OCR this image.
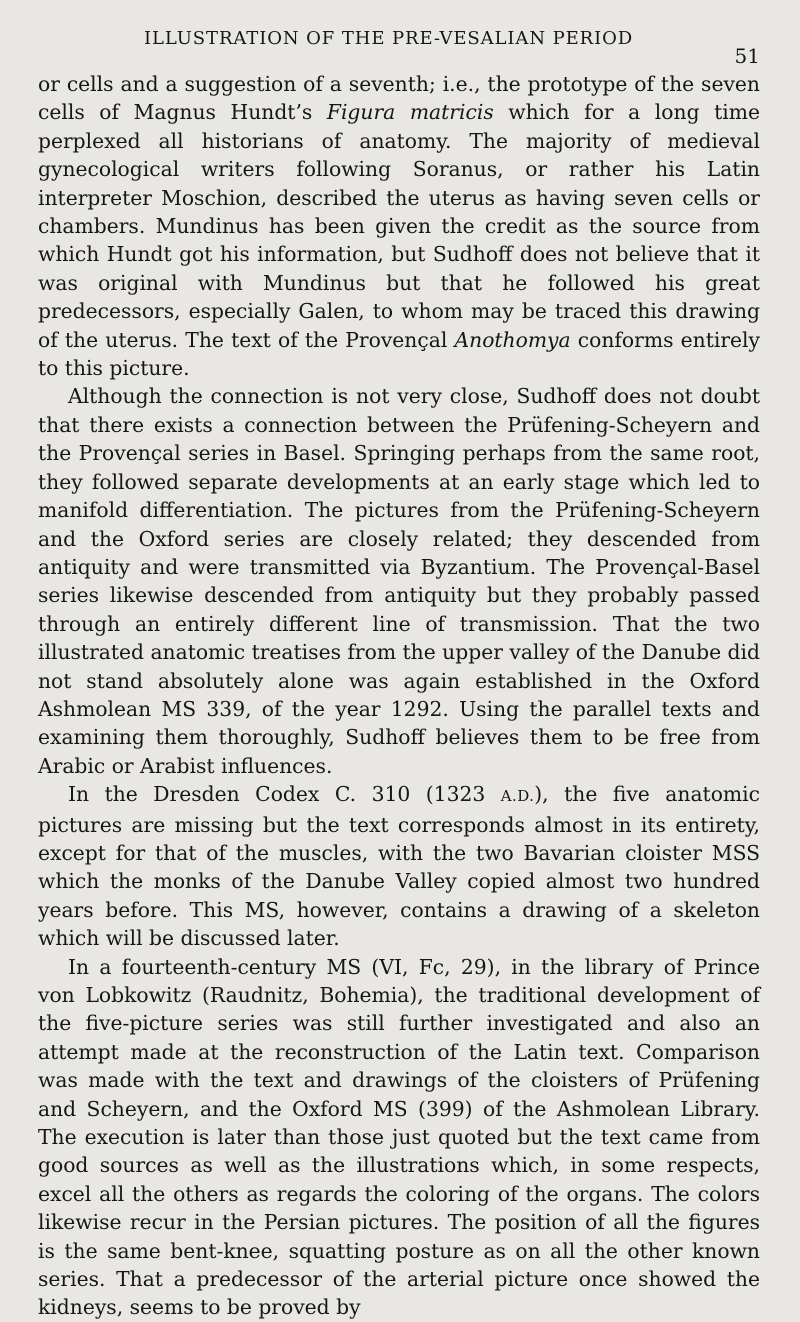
ILLUSTRATION OF THE PRE-VESALIAN PERIOD
51

or cells and a suggestion of a seventh; i.e., the prototype of the seven cells of Magnus Hundt’s Figura matricis which for a long time perplexed all historians of anatomy. The majority of medieval gynecological writers following Soranus, or rather his Latin interpreter Moschion, described the uterus as having seven cells or chambers. Mundinus has been given the credit as the source from which Hundt got his information, but Sudhoff does not believe that it was original with Mundinus but that he followed his great predecessors, especially Galen, to whom may be traced this drawing of the uterus. The text of the Provençal Anothomya conforms entirely to this picture.

Although the connection is not very close, Sudhoff does not doubt that there exists a connection between the Prüfening-Scheyern and the Provençal series in Basel. Springing perhaps from the same root, they followed separate developments at an early stage which led to manifold differentiation. The pictures from the Prüfening-Scheyern and the Oxford series are closely related; they descended from antiquity and were transmitted via Byzantium. The Provençal-Basel series likewise descended from antiquity but they probably passed through an entirely different line of transmission. That the two illustrated anatomic treatises from the upper valley of the Danube did not stand absolutely alone was again established in the Oxford Ashmolean MS 339, of the year 1292. Using the parallel texts and examining them thoroughly, Sudhoff believes them to be free from Arabic or Arabist influences.

In the Dresden Codex C. 310 (1323 A.D.), the five anatomic pictures are missing but the text corresponds almost in its entirety, except for that of the muscles, with the two Bavarian cloister MSS which the monks of the Danube Valley copied almost two hundred years before. This MS, however, contains a drawing of a skeleton which will be discussed later.

In a fourteenth-century MS (VI, Fc, 29), in the library of Prince von Lobkowitz (Raudnitz, Bohemia), the traditional development of the five-picture series was still further investigated and also an attempt made at the reconstruction of the Latin text. Comparison was made with the text and drawings of the cloisters of Prüfening and Scheyern, and the Oxford MS (399) of the Ashmolean Library. The execution is later than those just quoted but the text came from good sources as well as the illustrations which, in some respects, excel all the others as regards the coloring of the organs. The colors likewise recur in the Persian pictures. The position of all the figures is the same bent-knee, squatting posture as on all the other known series. That a predecessor of the arterial picture once showed the kidneys, seems to be proved by
